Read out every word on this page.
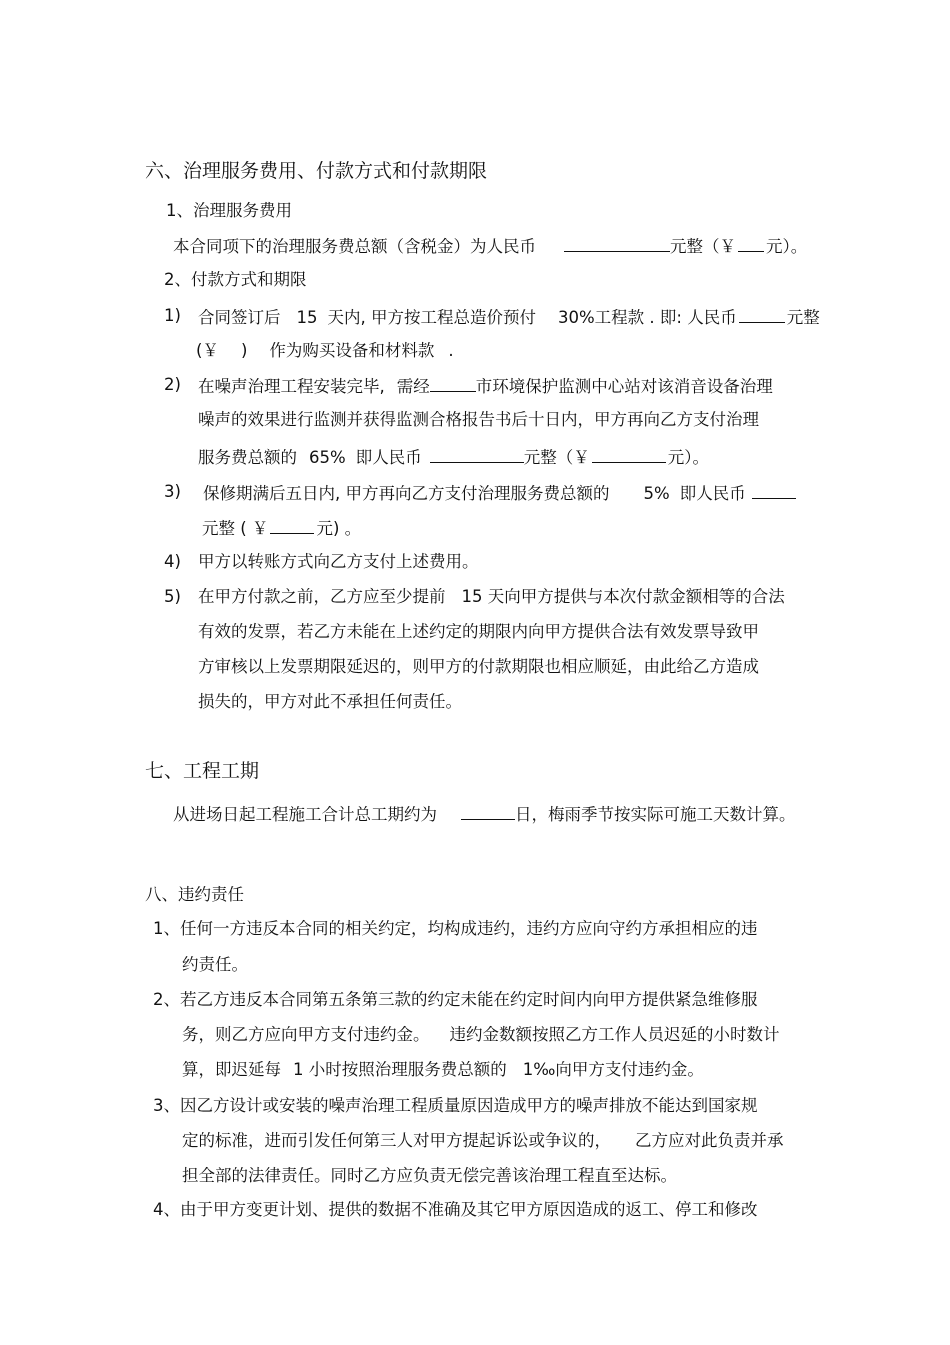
六、治理服务费用、付款方式和付款期限
1、治理服务费用
本合同项下的治理服务费总额（含税金）为人民币	元整（￥ 元）。
2、付款方式和期限
1) 合同签订后 15 天内, 甲方按工程总造价预付 30%工程款 . 即: 人民币	元整
(￥ ) 作为购买设备和材料款 .
2) 在噪声治理工程安装完毕, 需经	市环境保护监测中心站对该消音设备治理
噪声的效果进行监测并获得监测合格报告书后十日内，甲方再向乙方支付治理
服务费总额的 65% 即人民币	元整（￥	元）。
3) 保修期满后五日内, 甲方再向乙方支付治理服务费总额的 5% 即人民币
元整 ( ￥	元) 。
4) 甲方以转账方式向乙方支付上述费用。
5) 在甲方付款之前，乙方应至少提前 15 天向甲方提供与本次付款金额相等的合法
有效的发票，若乙方未能在上述约定的期限内向甲方提供合法有效发票导致甲
方审核以上发票期限延迟的，则甲方的付款期限也相应顺延，由此给乙方造成
损失的，甲方对此不承担任何责任。
七、工程工期
从进场日起工程施工合计总工期约为	日，梅雨季节按实际可施工天数计算。
八、违约责任
1、任何一方违反本合同的相关约定，均构成违约，违约方应向守约方承担相应的违
约责任。
2、若乙方违反本合同第五条第三款的约定未能在约定时间内向甲方提供紧急维修服
务，则乙方应向甲方支付违约金。 违约金数额按照乙方工作人员迟延的小时数计
算，即迟延每 1 小时按照治理服务费总额的 1‰向甲方支付违约金。
3、因乙方设计或安装的噪声治理工程质量原因造成甲方的噪声排放不能达到国家规
定的标准，进而引发任何第三人对甲方提起诉讼或争议的， 乙方应对此负责并承
担全部的法律责任。同时乙方应负责无偿完善该治理工程直至达标。
4、由于甲方变更计划、提供的数据不准确及其它甲方原因造成的返工、停工和修改
